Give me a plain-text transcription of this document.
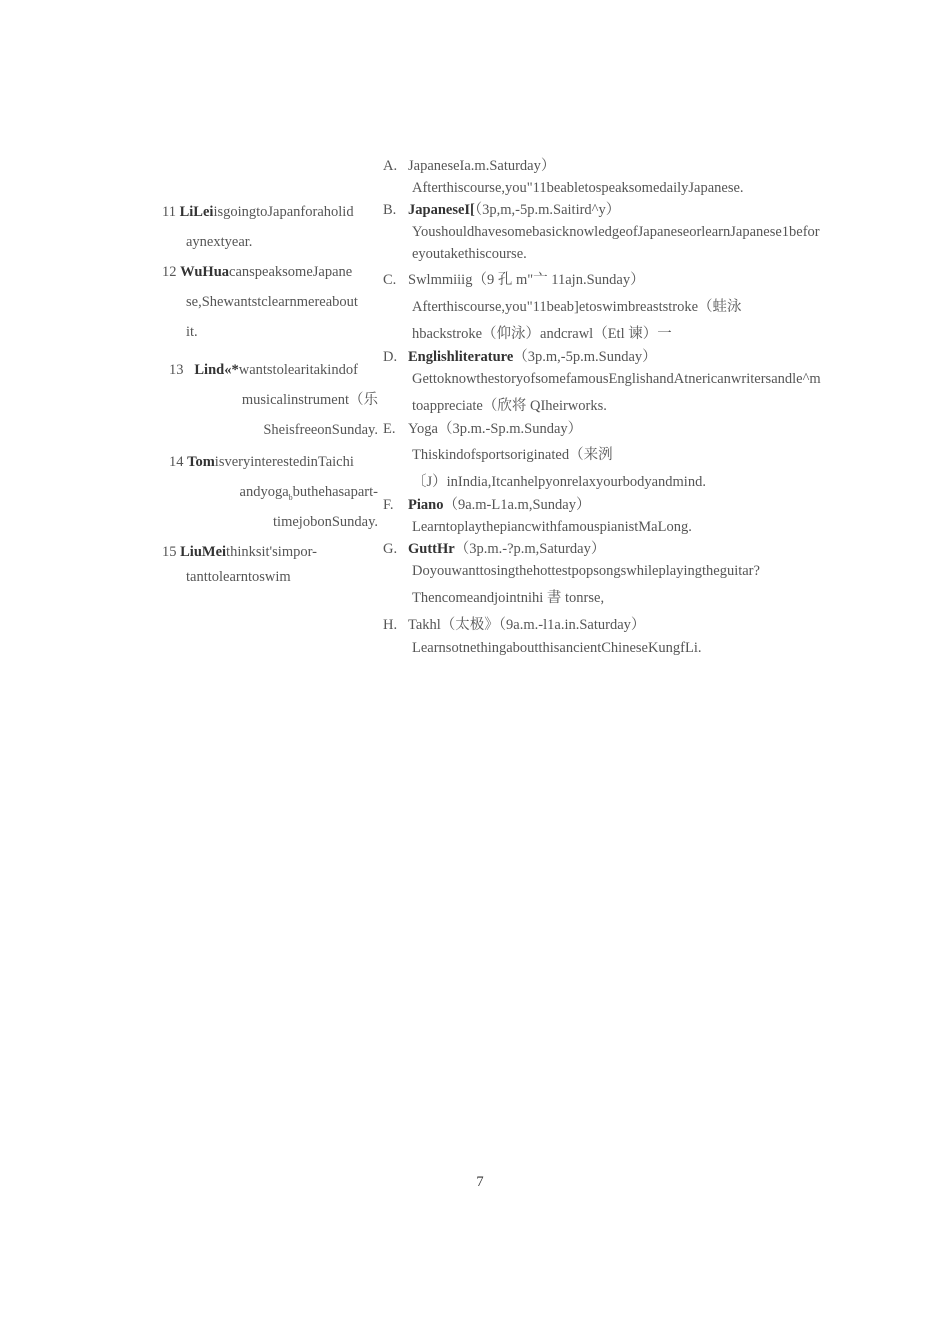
11 LiLeiisgoingtoJapanforaholid
aynextyear.
12 WuHuacanspeaksomeJapane
se,Shewantstclearnmereabout
it.
13 Lind«*wantstolearitakindof
musicalinstrument（乐
SheisfreeonSunday.
14 TomisveryinterestedinTaichi
andyoga$_b$buthehasapart-
timejobonSunday.
15 LiuMeithinksit'simpor-
tanttolearntoswim
A. JapaneseIa.m.Saturday）
Afterthiscourse,you"11beabletospeaksomedailyJapanese.
B. JapaneseI[（3p,m,-5p.m.Saitird^y）
YoushouldhavesomebasicknowledgeofJapaneseorlearnJapanese1befor
eyoutakethiscourse.
C. Swlmmiiig（9 孔 m"亠 11ajn.Sunday）
Afterthiscourse,you"11beab]etoswimbreaststroke（蛙泳
hbackstroke（仰泳）andcrawl（Etl 谏）一
D. Englishliterature（3p.m,-5p.m.Sunday）
GettoknowthestoryofsomefamousEnglishandAtnericanwritersandle^m
toappreciate（欣将 QIheirworks.
E. Yoga（3p.m.-Sp.m.Sunday）
Thiskindofsportsoriginated（来洌
〔J）inIndia,Itcanhelpyonrelaxyourbodyandmind.
F. Piano（9a.m-L1a.m,Sunday）
LearntoplaythepiancwithfamouspianistMaLong.
G. GuttHr（3p.m.-?p.m,Saturday）
Doyouwanttosingthehottestpopsongswhileplayingtheguitar?
Thencomeandjointnihi 書 tonrse,
H. Takhl（太极》（9a.m.-l1a.in.Saturday）
LearnsotnethingaboutthisancientChineseKungfLi.
7
